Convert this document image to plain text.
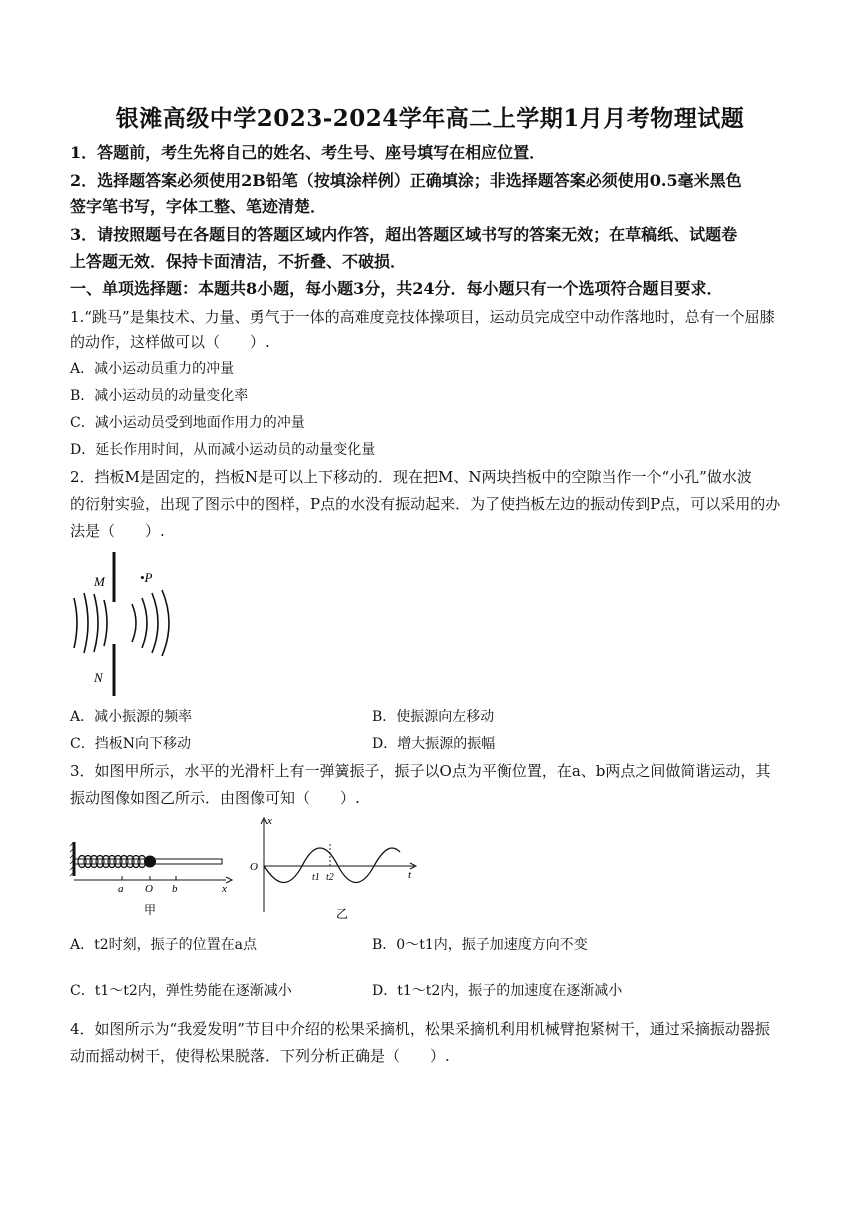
银滩高级中学2023-2024学年高二上学期1月月考物理试题
1．答题前，考生先将自己的姓名、考生号、座号填写在相应位置．
2．选择题答案必须使用2B铅笔（按填涂样例）正确填涂；非选择题答案必须使用0.5毫米黑色
签字笔书写，字体工整、笔迹清楚．
3．请按照题号在各题目的答题区域内作答，超出答题区域书写的答案无效；在草稿纸、试题卷
上答题无效．保持卡面清洁，不折叠、不破损．
一、单项选择题：本题共8小题，每小题3分，共24分．每小题只有一个选项符合题目要求．
1.“跳马”是集技术、力量、勇气于一体的高难度竞技体操项目，运动员完成空中动作落地时，总有一个屈膝
的动作，这样做可以（　　）.
A．减小运动员重力的冲量
B．减小运动员的动量变化率
C．减小运动员受到地面作用力的冲量
D．延长作用时间，从而减小运动员的动量变化量
2．挡板M是固定的，挡板N是可以上下移动的．现在把M、N两块挡板中的空隙当作一个“小孔”做水波
的衍射实验，出现了图示中的图样，P点的水没有振动起来．为了使挡板左边的振动传到P点，可以采用的办
法是（　　）.
M
N
•P
A．减小振源的频率	B．使振源向左移动
C．挡板N向下移动	D．增大振源的振幅
3．如图甲所示，水平的光滑杆上有一弹簧振子，振子以O点为平衡位置，在a、b两点之间做简谐运动，其
振动图像如图乙所示．由图像可知（　　）.
a O b	x
甲
x
O
t1 t2	t
乙
A．t2时刻，振子的位置在a点	B．0～t1内，振子加速度方向不变
C．t1～t2内，弹性势能在逐渐减小	D．t1～t2内，振子的加速度在逐渐减小
4．如图所示为“我爱发明”节目中介绍的松果采摘机，松果采摘机利用机械臂抱紧树干，通过采摘振动器振
动而摇动树干，使得松果脱落．下列分析正确是（　　）.
